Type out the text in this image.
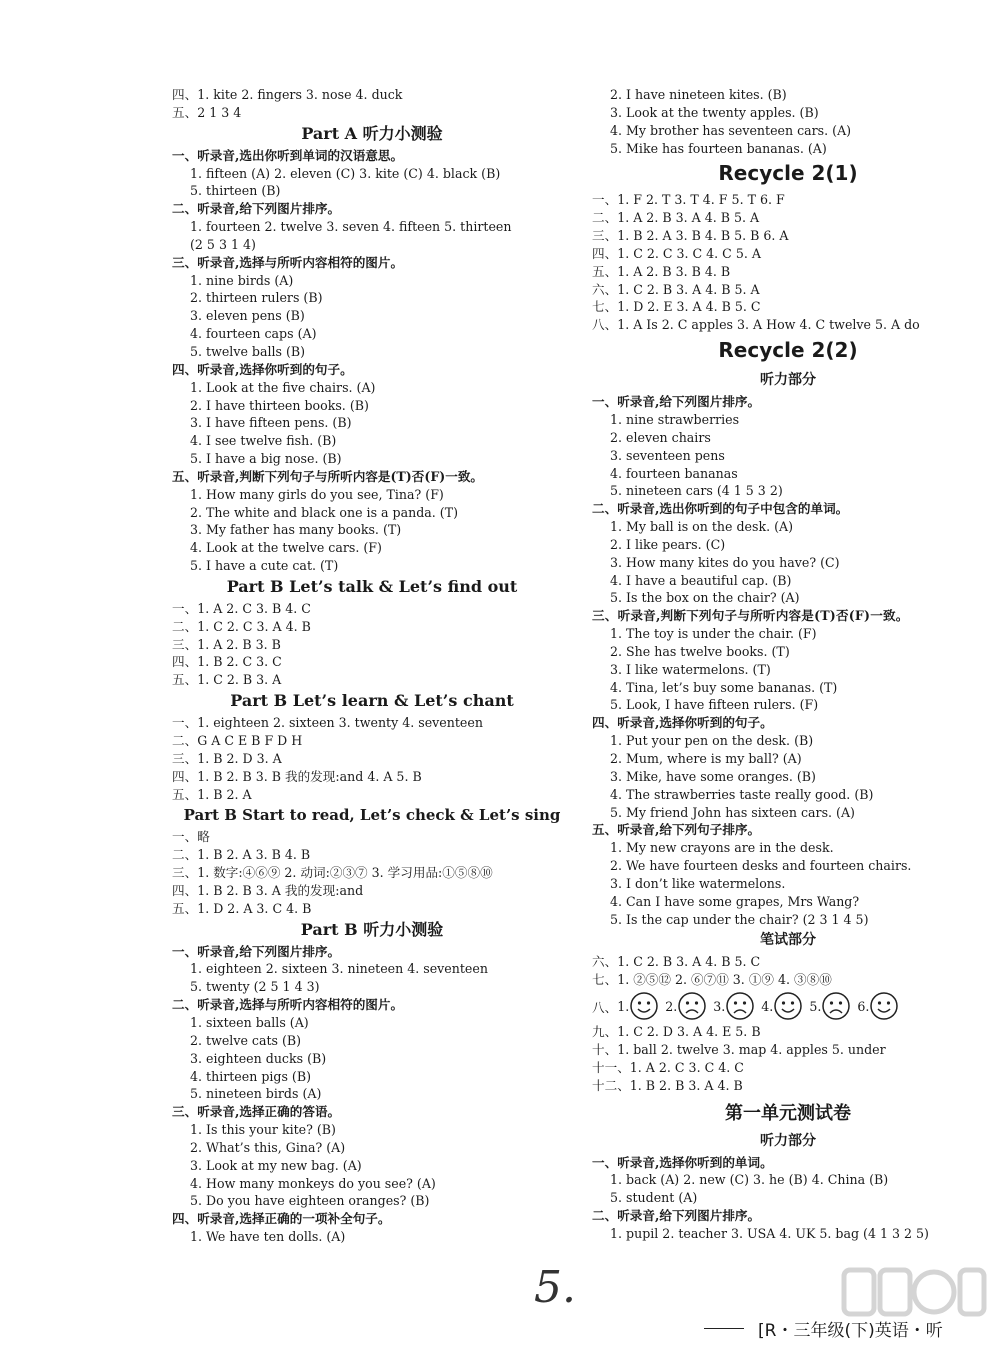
四、1. kite 2. fingers 3. nose 4. duck
五、2 1 3 4
Part A 听力小测验
一、听录音,选出你听到单词的汉语意思。
1. fifteen (A) 2. eleven (C) 3. kite (C) 4. black (B)
5. thirteen (B)
二、听录音,给下列图片排序。
1. fourteen 2. twelve 3. seven 4. fifteen 5. thirteen
(2 5 3 1 4)
三、听录音,选择与所听内容相符的图片。
1. nine birds (A)
2. thirteen rulers (B)
3. eleven pens (B)
4. fourteen caps (A)
5. twelve balls (B)
四、听录音,选择你听到的句子。
1. Look at the five chairs. (A)
2. I have thirteen books. (B)
3. I have fifteen pens. (B)
4. I see twelve fish. (B)
5. I have a big nose. (B)
五、听录音,判断下列句子与所听内容是(T)否(F)一致。
1. How many girls do you see, Tina? (F)
2. The white and black one is a panda. (T)
3. My father has many books. (T)
4. Look at the twelve cars. (F)
5. I have a cute cat. (T)
Part B Let’s talk & Let’s find out
一、1. A 2. C 3. B 4. C
二、1. C 2. C 3. A 4. B
三、1. A 2. B 3. B
四、1. B 2. C 3. C
五、1. C 2. B 3. A
Part B Let’s learn & Let’s chant
一、1. eighteen 2. sixteen 3. twenty 4. seventeen
二、G A C E B F D H
三、1. B 2. D 3. A
四、1. B 2. B 3. B 我的发现:and 4. A 5. B
五、1. B 2. A
Part B Start to read, Let’s check & Let’s sing
一、略
二、1. B 2. A 3. B 4. B
三、1. 数字:④⑥⑨ 2. 动词:②③⑦ 3. 学习用品:①⑤⑧⑩
四、1. B 2. B 3. A 我的发现:and
五、1. D 2. A 3. C 4. B
Part B 听力小测验
一、听录音,给下列图片排序。
1. eighteen 2. sixteen 3. nineteen 4. seventeen
5. twenty (2 5 1 4 3)
二、听录音,选择与所听内容相符的图片。
1. sixteen balls (A)
2. twelve cats (B)
3. eighteen ducks (B)
4. thirteen pigs (B)
5. nineteen birds (A)
三、听录音,选择正确的答语。
1. Is this your kite? (B)
2. What’s this, Gina? (A)
3. Look at my new bag. (A)
4. How many monkeys do you see? (A)
5. Do you have eighteen oranges? (B)
四、听录音,选择正确的一项补全句子。
1. We have ten dolls. (A)
2. I have nineteen kites. (B)
3. Look at the twenty apples. (B)
4. My brother has seventeen cars. (A)
5. Mike has fourteen bananas. (A)
Recycle 2(1)
一、1. F 2. T 3. T 4. F 5. T 6. F
二、1. A 2. B 3. A 4. B 5. A
三、1. B 2. A 3. B 4. B 5. B 6. A
四、1. C 2. C 3. C 4. C 5. A
五、1. A 2. B 3. B 4. B
六、1. C 2. B 3. A 4. B 5. A
七、1. D 2. E 3. A 4. B 5. C
八、1. A Is 2. C apples 3. A How 4. C twelve 5. A do
Recycle 2(2)
听力部分
一、听录音,给下列图片排序。
1. nine strawberries
2. eleven chairs
3. seventeen pens
4. fourteen bananas
5. nineteen cars (4 1 5 3 2)
二、听录音,选出你听到的句子中包含的单词。
1. My ball is on the desk. (A)
2. I like pears. (C)
3. How many kites do you have? (C)
4. I have a beautiful cap. (B)
5. Is the box on the chair? (A)
三、听录音,判断下列句子与所听内容是(T)否(F)一致。
1. The toy is under the chair. (F)
2. She has twelve books. (T)
3. I like watermelons. (T)
4. Tina, let’s buy some bananas. (T)
5. Look, I have fifteen rulers. (F)
四、听录音,选择你听到的句子。
1. Put your pen on the desk. (B)
2. Mum, where is my ball? (A)
3. Mike, have some oranges. (B)
4. The strawberries taste really good. (B)
5. My friend John has sixteen cars. (A)
五、听录音,给下列句子排序。
1. My new crayons are in the desk.
2. We have fourteen desks and fourteen chairs.
3. I don’t like watermelons.
4. Can I have some grapes, Mrs Wang?
5. Is the cap under the chair? (2 3 1 4 5)
笔试部分
六、1. C 2. B 3. A 4. B 5. C
七、1. ②⑤⑫ 2. ⑥⑦⑪ 3. ①⑨ 4. ③⑧⑩
八、 1.	2.	3.	4.	5.	6.
九、1. C 2. D 3. A 4. E 5. B
十、1. ball 2. twelve 3. map 4. apples 5. under
十一、1. A 2. C 3. C 4. C
十二、1. B 2. B 3. A 4. B
第一单元测试卷
听力部分
一、听录音,选择你听到的单词。
1. back (A) 2. new (C) 3. he (B) 4. China (B)
5. student (A)
二、听录音,给下列图片排序。
1. pupil 2. teacher 3. USA 4. UK 5. bag (4 1 3 2 5)
5.
[R・三年级(下)英语・听
